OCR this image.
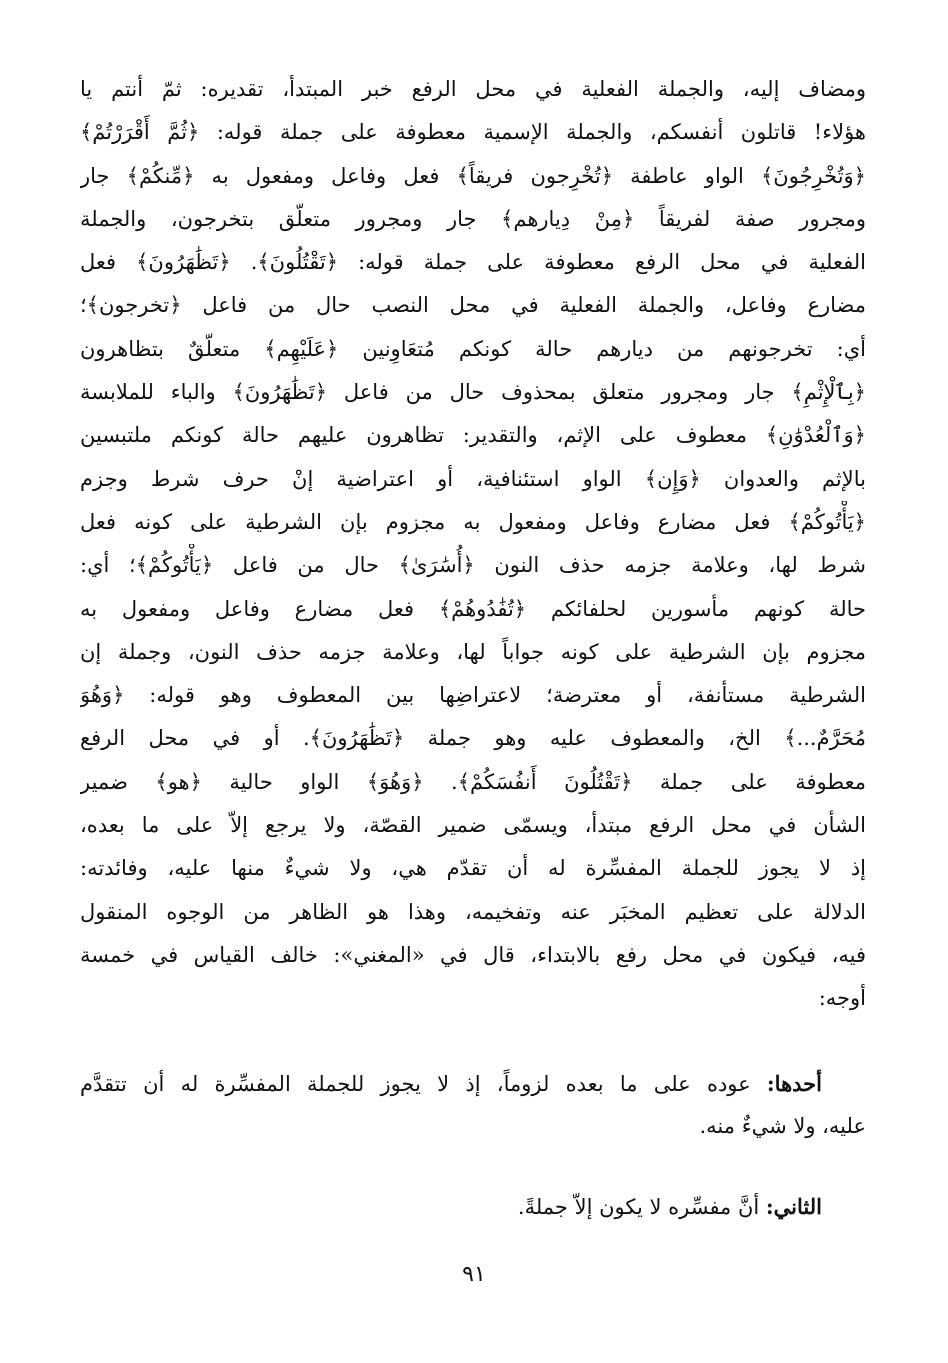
ومضاف إليه، والجملة الفعلية في محل الرفع خبر المبتدأ، تقديره: ثمّ أنتم يا
هؤلاء! قاتلون أنفسكم، والجملة الإسمية معطوفة على جملة قوله: ﴿ثُمَّ أَقْرَرْتُمْ﴾
﴿وَتُخْرِجُونَ﴾ الواو عاطفة ﴿تُخْرِجون فريقاً﴾ فعل وفاعل ومفعول به ﴿مِّنكُمْ﴾ جار
ومجرور صفة لفريقاً ﴿مِنْ دِيارهم﴾ جار ومجرور متعلّق بتخرجون، والجملة
الفعلية في محل الرفع معطوفة على جملة قوله: ﴿تَقْتُلُونَ﴾. ﴿تَظَٰهَرُونَ﴾ فعل
مضارع وفاعل، والجملة الفعلية في محل النصب حال من فاعل ﴿تخرجون﴾؛
أي: تخرجونهم من ديارهم حالة كونكم مُتعَاوِنين ﴿عَلَيْهِم﴾ متعلّقٌ بتظاهرون
﴿بِٱلْإِثْمِ﴾ جار ومجرور متعلق بمحذوف حال من فاعل ﴿تَظَٰهَرُونَ﴾ والباء للملابسة
﴿وَٱلْعُدْوَٰنِ﴾ معطوف على الإثم، والتقدير: تظاهرون عليهم حالة كونكم ملتبسين
بالإثم والعدوان ﴿وَإِن﴾ الواو استئنافية، أو اعتراضية إنْ حرف شرط وجزم
﴿يَأْتُوكُمْ﴾ فعل مضارع وفاعل ومفعول به مجزوم بإن الشرطية على كونه فعل
شرط لها، وعلامة جزمه حذف النون ﴿أُسَٰرَىٰ﴾ حال من فاعل ﴿يَأْتُوكُمْ﴾؛ أي:
حالة كونهم مأسورين لحلفائكم ﴿تُفَٰدُوهُمْ﴾ فعل مضارع وفاعل ومفعول به
مجزوم بإن الشرطية على كونه جواباً لها، وعلامة جزمه حذف النون، وجملة إن
الشرطية مستأنفة، أو معترضة؛ لاعتراضِها بين المعطوف وهو قوله: ﴿وَهُوَ
مُحَرَّمٌ...﴾ الخ، والمعطوف عليه وهو جملة ﴿تَظَٰهَرُونَ﴾. أو في محل الرفع
معطوفة على جملة ﴿تَقْتُلُونَ أَنفُسَكُمْ﴾. ﴿وَهُوَ﴾ الواو حالية ﴿هو﴾ ضمير
الشأن في محل الرفع مبتدأ، ويسمّى ضمير القصّة، ولا يرجع إلاّ على ما بعده،
إذ لا يجوز للجملة المفسِّرة له أن تقدّم هي، ولا شيءٌ منها عليه، وفائدته:
الدلالة على تعظيم المخبَر عنه وتفخيمه، وهذا هو الظاهر من الوجوه المنقول
فيه، فيكون في محل رفع بالابتداء، قال في «المغني»: خالف القياس في خمسة
أوجه:
أحدها: عوده على ما بعده لزوماً، إذ لا يجوز للجملة المفسِّرة له أن تتقدَّم
عليه، ولا شيءٌ منه.
الثاني: أنَّ مفسِّره لا يكون إلاّ جملةً.
٩١
